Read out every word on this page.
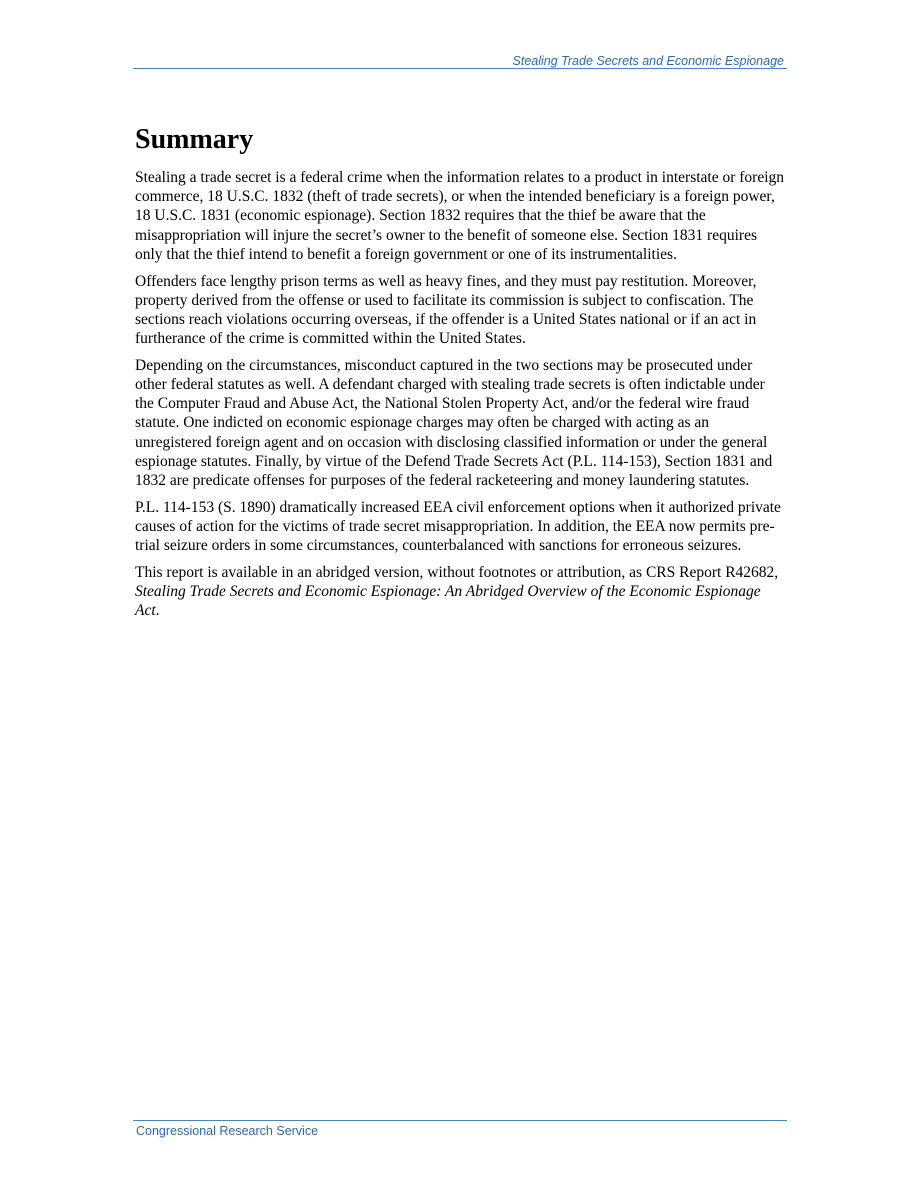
Stealing Trade Secrets and Economic Espionage
Summary

Stealing a trade secret is a federal crime when the information relates to a product in interstate or foreign commerce, 18 U.S.C. 1832 (theft of trade secrets), or when the intended beneficiary is a foreign power, 18 U.S.C. 1831 (economic espionage). Section 1832 requires that the thief be aware that the misappropriation will injure the secret’s owner to the benefit of someone else. Section 1831 requires only that the thief intend to benefit a foreign government or one of its instrumentalities.

Offenders face lengthy prison terms as well as heavy fines, and they must pay restitution. Moreover, property derived from the offense or used to facilitate its commission is subject to confiscation. The sections reach violations occurring overseas, if the offender is a United States national or if an act in furtherance of the crime is committed within the United States.

Depending on the circumstances, misconduct captured in the two sections may be prosecuted under other federal statutes as well. A defendant charged with stealing trade secrets is often indictable under the Computer Fraud and Abuse Act, the National Stolen Property Act, and/or the federal wire fraud statute. One indicted on economic espionage charges may often be charged with acting as an unregistered foreign agent and on occasion with disclosing classified information or under the general espionage statutes. Finally, by virtue of the Defend Trade Secrets Act (P.L. 114-153), Section 1831 and 1832 are predicate offenses for purposes of the federal racketeering and money laundering statutes.

P.L. 114-153 (S. 1890) dramatically increased EEA civil enforcement options when it authorized private causes of action for the victims of trade secret misappropriation. In addition, the EEA now permits pre-trial seizure orders in some circumstances, counterbalanced with sanctions for erroneous seizures.

This report is available in an abridged version, without footnotes or attribution, as CRS Report R42682, Stealing Trade Secrets and Economic Espionage: An Abridged Overview of the Economic Espionage Act.

Congressional Research Service
